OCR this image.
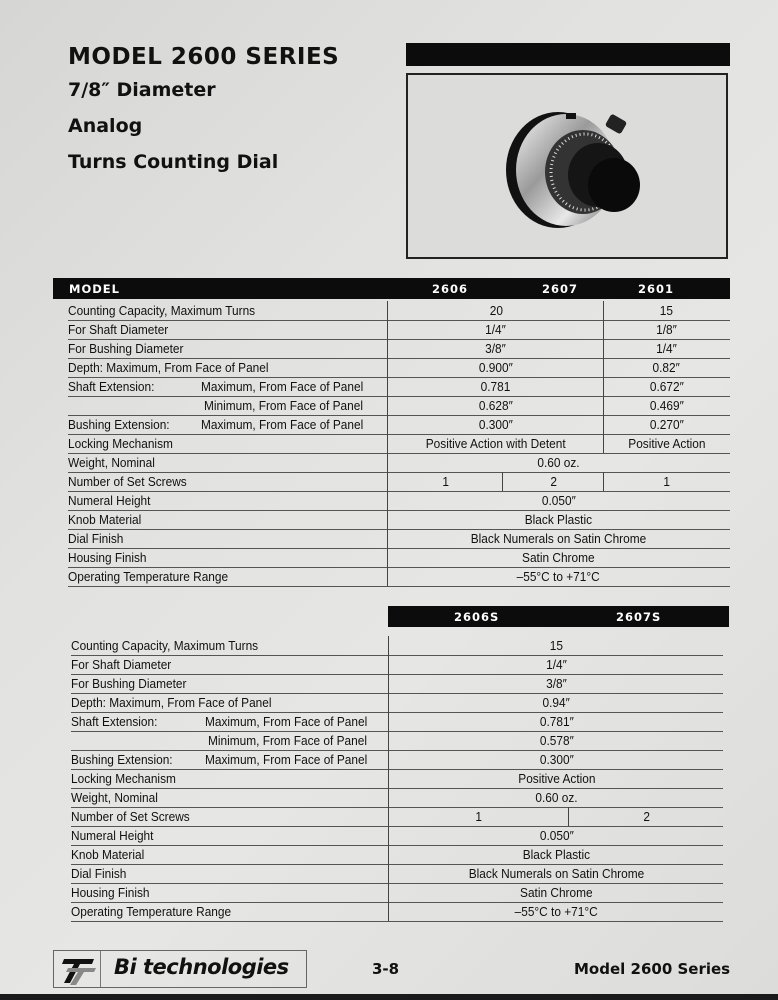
MODEL 2600 SERIES
7/8″ Diameter
Analog
Turns Counting Dial
MODEL	2606	2607	2601
Counting Capacity, Maximum Turns	20	15
For Shaft Diameter	1/4″	1/8″
For Bushing Diameter	3/8″	1/4″
Depth: Maximum, From Face of Panel	0.900″	0.82″
Shaft Extension:	Maximum, From Face of Panel	0.781	0.672″
Minimum, From Face of Panel	0.628″	0.469″
Bushing Extension: Maximum, From Face of Panel	0.300″	0.270″
Locking Mechanism	Positive Action with Detent	Positive Action
Weight, Nominal	0.60 oz.
Number of Set Screws	1	2	1
Numeral Height	0.050″
Knob Material	Black Plastic
Dial Finish	Black Numerals on Satin Chrome
Housing Finish	Satin Chrome
Operating Temperature Range	–55°C to +71°C
2606S	2607S
Counting Capacity, Maximum Turns	15
For Shaft Diameter	1/4″
For Bushing Diameter	3/8″
Depth: Maximum, From Face of Panel	0.94″
Shaft Extension:	Maximum, From Face of Panel	0.781″
Minimum, From Face of Panel	0.578″
Bushing Extension: Maximum, From Face of Panel	0.300″
Locking Mechanism	Positive Action
Weight, Nominal	0.60 oz.
Number of Set Screws	1	2
Numeral Height	0.050″
Knob Material	Black Plastic
Dial Finish	Black Numerals on Satin Chrome
Housing Finish	Satin Chrome
Operating Temperature Range	–55°C to +71°C
Bi technologies	3-8	Model 2600 Series
